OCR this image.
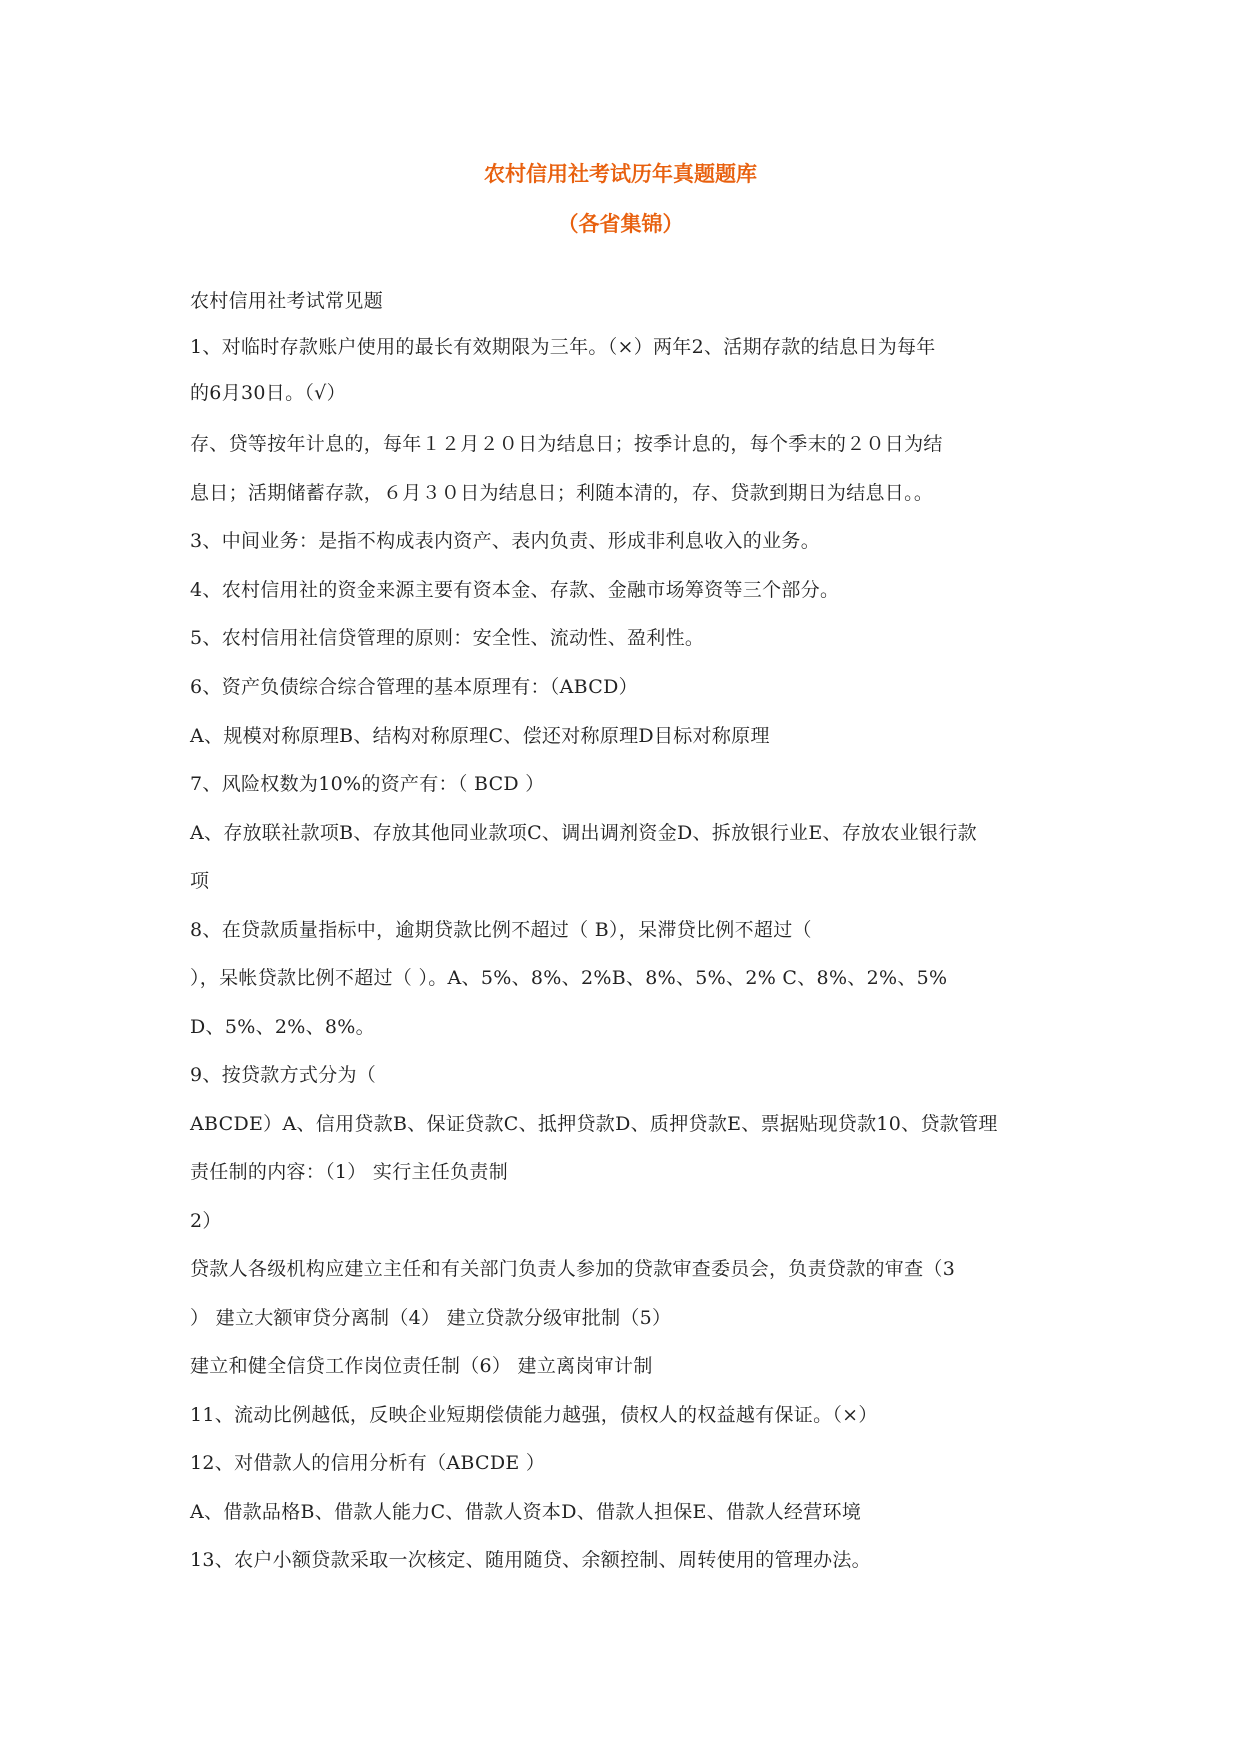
农村信用社考试历年真题题库
（各省集锦）
农村信用社考试常见题
1、对临时存款账户使用的最长有效期限为三年。（×）两年2、活期存款的结息日为每年
的6月30日。（√）
存、贷等按年计息的，每年１２月２０日为结息日；按季计息的，每个季末的２０日为结
息日；活期储蓄存款，６月３０日为结息日；利随本清的，存、贷款到期日为结息日。。
3、中间业务：是指不构成表内资产、表内负责、形成非利息收入的业务。
4、农村信用社的资金来源主要有资本金、存款、金融市场筹资等三个部分。
5、农村信用社信贷管理的原则：安全性、流动性、盈利性。
6、资产负债综合综合管理的基本原理有：（ABCD）
A、规模对称原理B、结构对称原理C、偿还对称原理D目标对称原理
7、风险权数为10%的资产有：（ BCD ）
A、存放联社款项B、存放其他同业款项C、调出调剂资金D、拆放银行业E、存放农业银行款
项
8、在贷款质量指标中，逾期贷款比例不超过（ B），呆滞贷比例不超过（
），呆帐贷款比例不超过（ ）。A、5%、8%、2%B、8%、5%、2% C、8%、2%、5%
D、5%、2%、8%。
9、按贷款方式分为（
ABCDE）A、信用贷款B、保证贷款C、抵押贷款D、质押贷款E、票据贴现贷款10、贷款管理
责任制的内容：（1） 实行主任负责制
2）
贷款人各级机构应建立主任和有关部门负责人参加的贷款审查委员会，负责贷款的审查（3
） 建立大额审贷分离制（4） 建立贷款分级审批制（5）
建立和健全信贷工作岗位责任制（6） 建立离岗审计制
11、流动比例越低，反映企业短期偿债能力越强，债权人的权益越有保证。（×）
12、对借款人的信用分析有（ABCDE ）
A、借款品格B、借款人能力C、借款人资本D、借款人担保E、借款人经营环境
13、农户小额贷款采取一次核定、随用随贷、余额控制、周转使用的管理办法。
